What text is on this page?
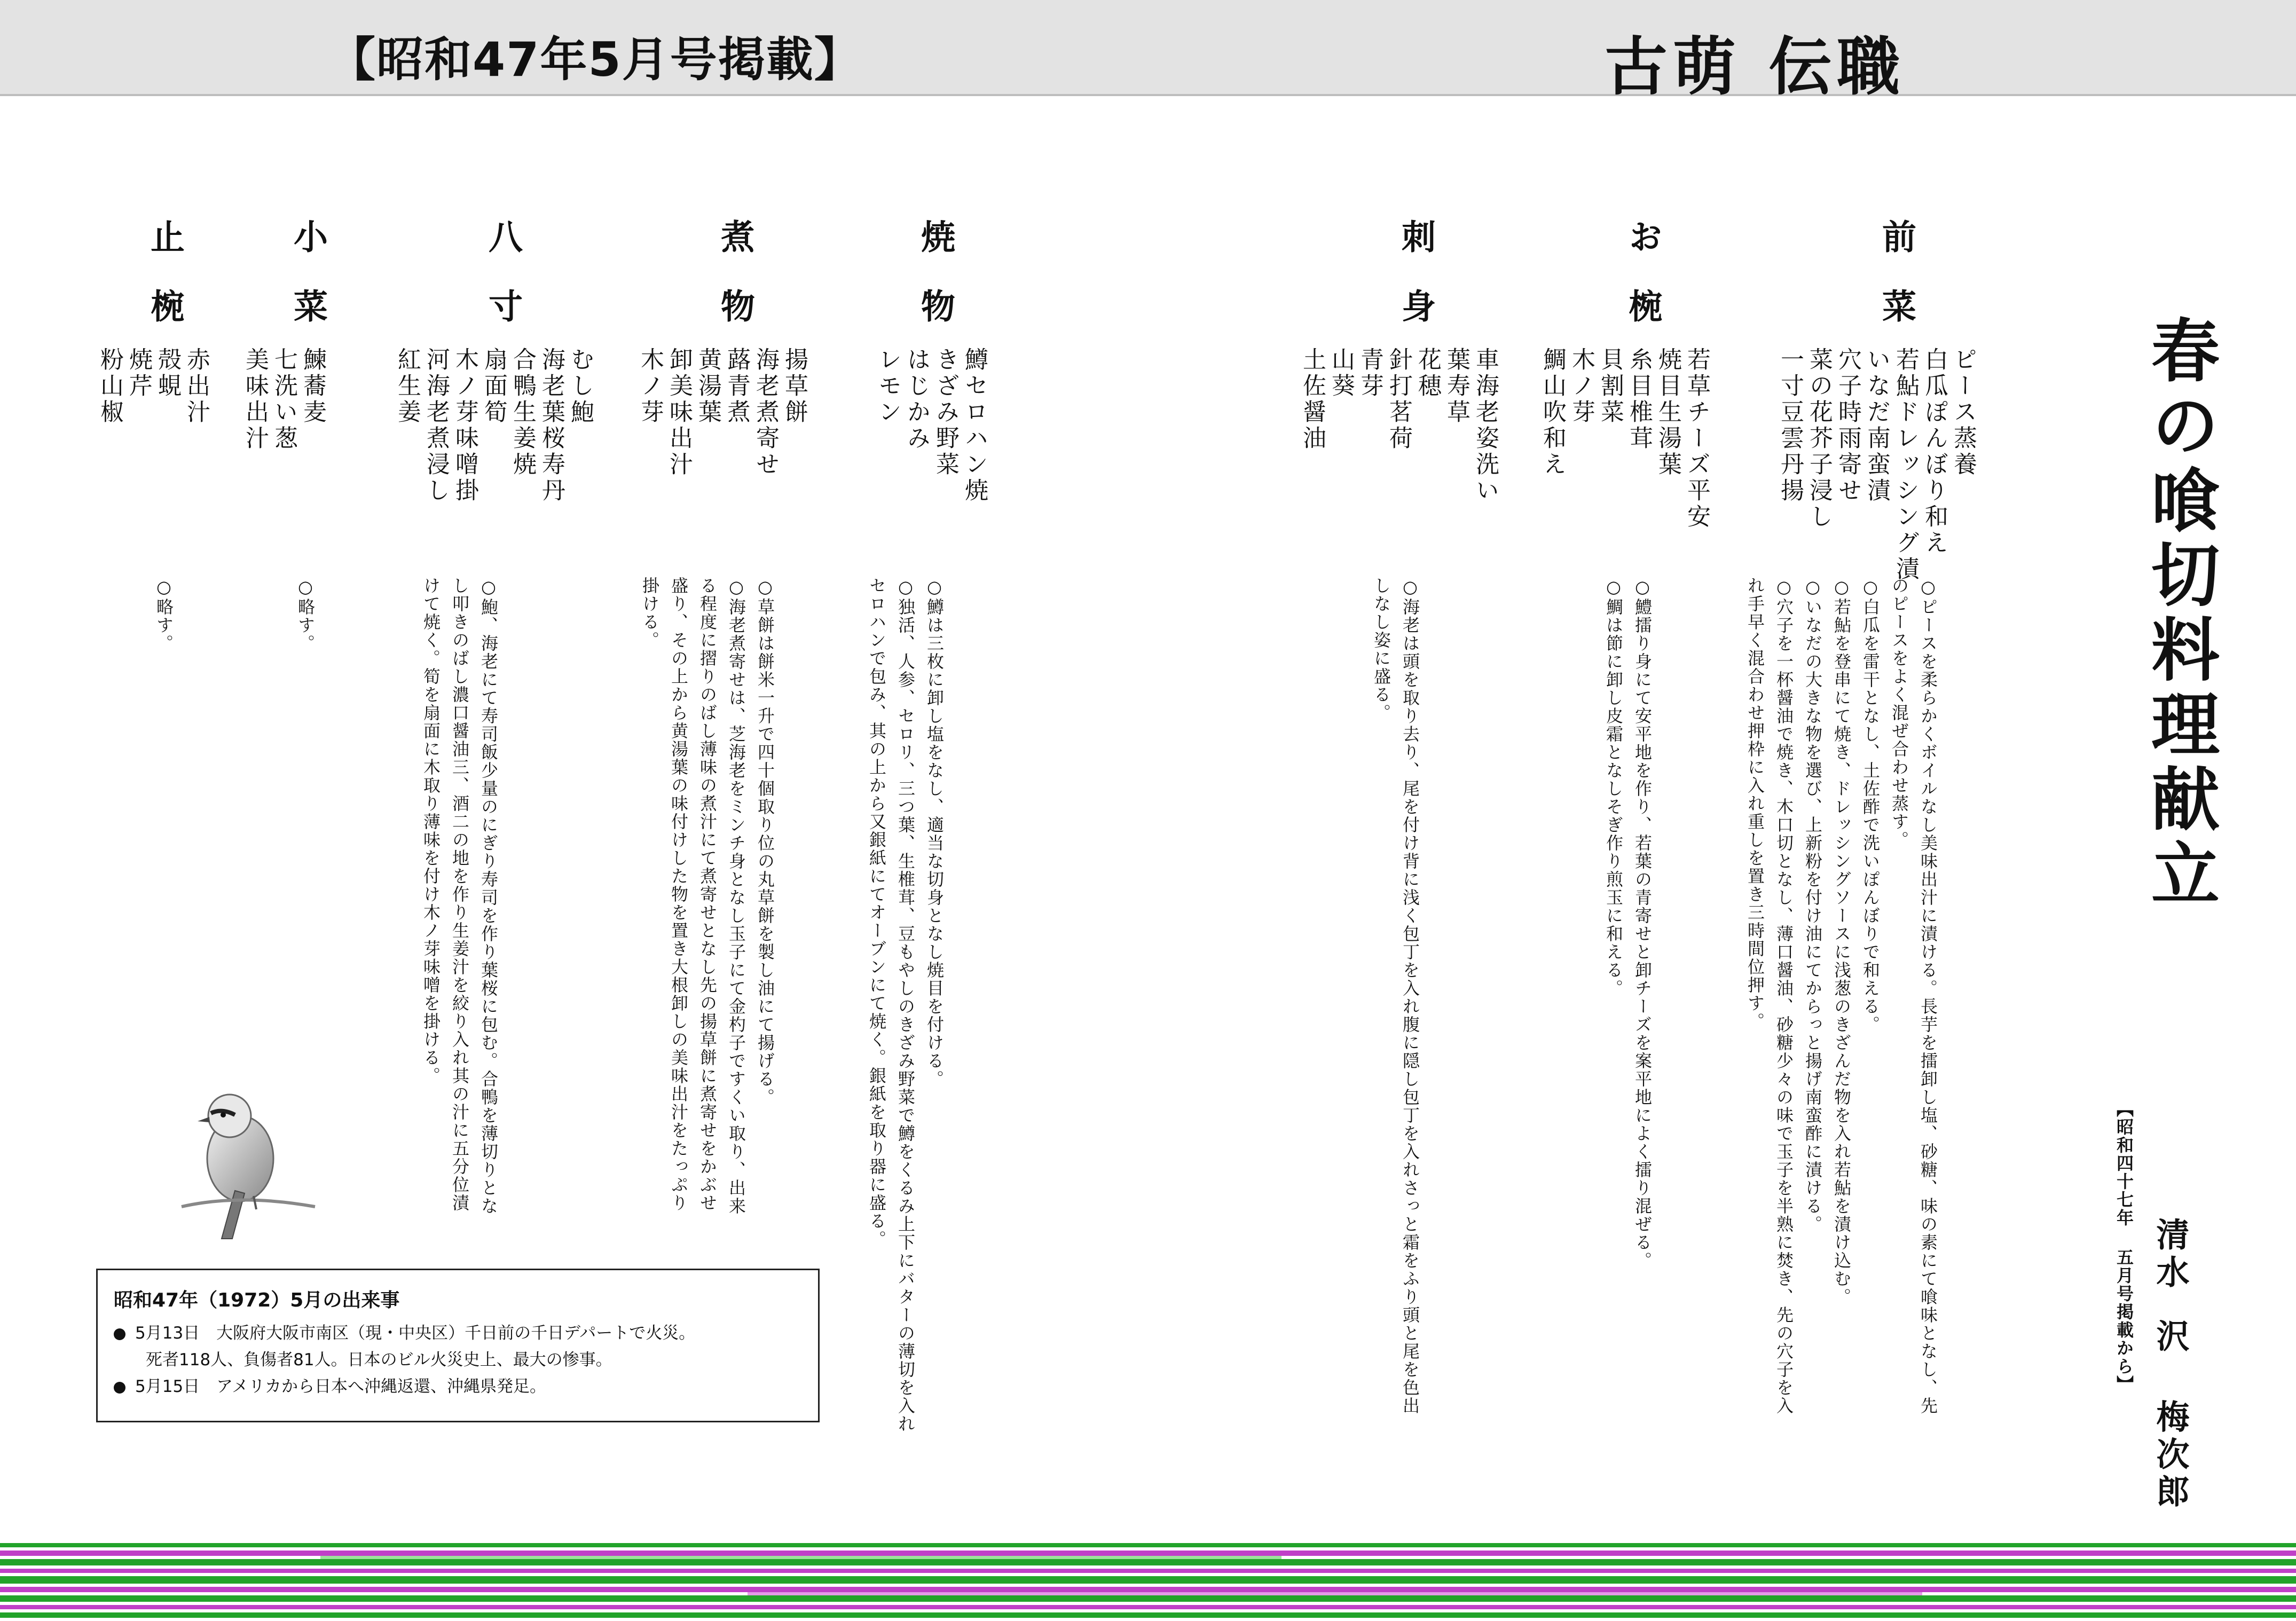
【昭和47年5月号掲載】	古萌 伝職
春の喰切料理献立
清水
沢 梅次郎
【昭和四十七年 五月号掲載から】
前菜
ピース蒸養
白瓜ぽんぼり和え
若鮎ドレッシング漬
いなだ南蛮漬
穴子時雨寄せ
菜の花芥子浸し
一寸豆雲丹揚

○ピースを柔らかくボイルなし美味出汁に漬ける。長芋を擂卸し塩、砂糖、味の素にて喰味となし、先のピースをよく混ぜ合わせ蒸す。

○白瓜を雷干となし、土佐酢で洗いぽんぼりで和える。

○若鮎を登串にて焼き、ドレッシングソースに浅葱のきざんだ物を入れ若鮎を漬け込む。

○いなだの大きな物を選び、上新粉を付け油にてからっと揚げ南蛮酢に漬ける。

○穴子を一杯醤油で焼き、木口切となし、薄口醤油、砂糖少々の味で玉子を半熟に焚き、先の穴子を入れ手早く混合わせ押枠に入れ重しを置き三時間位押す。

お椀
若草チーズ平安
焼目生湯葉
糸目椎茸
貝割菜
木ノ芽
鯛山吹和え

○鱧擂り身にて安平地を作り、若葉の青寄せと卸チーズを案平地によく擂り混ぜる。

○鯛は節に卸し皮霜となしそぎ作り煎玉に和える。

刺身
車海老姿洗い
葉寿草
花穂
針打茗荷
青芽
山葵
土佐醤油

○海老は頭を取り去り、尾を付け背に浅く包丁を入れ腹に隠し包丁を入れさっと霜をふり頭と尾を色出しなし姿に盛る。

焼物
鱒セロハン焼
きざみ野菜
はじかみ
レモン

○鱒は三枚に卸し塩をなし、適当な切身となし焼目を付ける。

○独活、人参、セロリ、三つ葉、生椎茸、豆もやしのきざみ野菜で鱒をくるみ上下にバターの薄切を入れセロハンで包み、其の上から又銀紙にてオーブンにて焼く。銀紙を取り器に盛る。

煮物
揚草餅
海老煮寄せ
蕗青煮
黄湯葉
卸美味出汁
木ノ芽

○草餅は餅米一升で四十個取り位の丸草餅を製し油にて揚げる。

○海老煮寄せは、芝海老をミンチ身となし玉子にて金杓子ですくい取り、出来る程度に摺りのばし薄味の煮汁にて煮寄せとなし先の揚草餅に煮寄せをかぶせ盛り、その上から黄湯葉の味付けした物を置き大根卸しの美味出汁をたっぷり掛ける。

八寸
むし鮑
海老葉桜寿丹
合鴨生姜焼
扇面筍
木ノ芽味噌掛
河海老煮浸し
紅生姜

○鮑、海老にて寿司飯少量のにぎり寿司を作り葉桜に包む。合鴨を薄切りとなし叩きのばし濃口醤油三、酒二の地を作り生姜汁を絞り入れ其の汁に五分位漬けて焼く。筍を扇面に木取り薄味を付け木ノ芽味噌を掛ける。

小菜
鰊蕎麦
七洗い葱
美味出汁

○略す。

止椀
赤出汁
殻蜆
焼芹
粉山椒

○略す。

昭和47年（1972）5月の出来事
5月13日　大阪府大阪市南区（現・中央区）千日前の千日デパートで火災。
死者118人、負傷者81人。日本のビル火災史上、最大の惨事。
5月15日　アメリカから日本へ沖縄返還、沖縄県発足。
